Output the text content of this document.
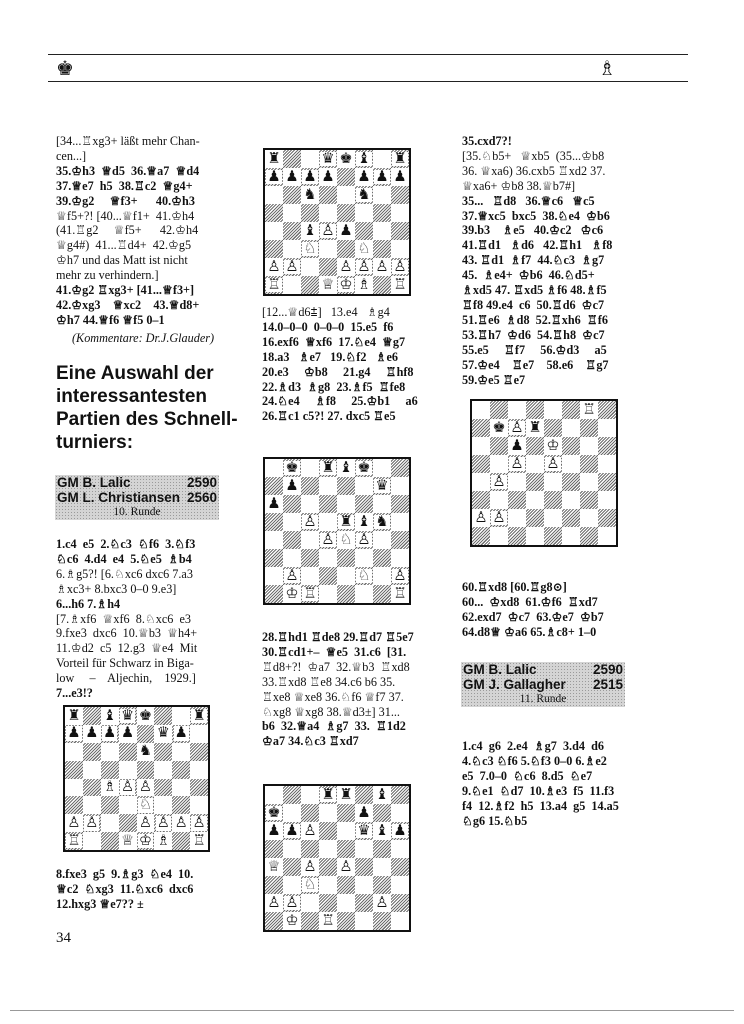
♚	♗
[34...♖xg3+ läßt mehr Chan-
cen...]
35.♔h3  ♕d5  36.♕a7  ♕d4
37.♕e7  h5  38.♖c2  ♕g4+
39.♔g2     ♕f3+      40.♔h3
♕f5+?! [40...♕f1+  41.♔h4
(41.♖g2     ♕f5+      42.♔h4
♕g4#)  41...♖d4+  42.♔g5
♔h7 und das Matt ist nicht
mehr zu verhindern.]
41.♔g2 ♖xg3+ [41...♕f3+]
42.♔xg3    ♕xc2    43.♕d8+
♔h7 44.♕f6 ♕f5 0–1
(Kommentare: Dr.J.Glauder)
Eine Auswahl der
interessantesten
Partien des Schnell-
turniers:
GM B. Lalic	2590
GM L. Christiansen 2560
10. Runde
1.c4  e5  2.♘c3  ♘f6  3.♘f3
♘c6  4.d4  e4  5.♘e5  ♗b4
6.♗g5?! [6.♘xc6 dxc6 7.a3
♗xc3+ 8.bxc3 0–0 9.e3]
6...h6 7.♗h4
[7.♗xf6  ♕xf6  8.♘xc6  e3
9.fxe3  dxc6  10.♕b3  ♕h4+
11.♔d2  c5  12.g3  ♕e4  Mit
Vorteil für Schwarz in Biga-
low     –    Aljechin,    1929.]
7...e3!?
♜ ♝ ♛ ♚	♜
♟ ♟ ♟ ♟ ♛ ♟
♞
♗ ♙ ♙
♘
♙ ♙	♙ ♙ ♙ ♙
♖	♕ ♔ ♗ ♖
8.fxe3  g5  9.♗g3  ♘e4  10.
♕c2  ♘xg3  11.♘xc6  dxc6
12.hxg3 ♕e7?? ±
34
♜	♛ ♚ ♝ ♜
♟ ♟ ♟ ♟ ♟ ♟ ♟
♞	♞
♝ ♙ ♟
♘	♘
♙ ♙	♙ ♙ ♙ ♙
♖	♕ ♔ ♗ ♖
[12...♕d6⩲]   13.e4   ♗g4
14.0–0–0  0–0–0  15.e5  f6
16.exf6  ♕xf6  17.♘e4  ♕g7
18.a3   ♗e7   19.♘f2   ♗e6
20.e3     ♔b8     21.g4     ♖hf8
22.♗d3  ♗g8  23.♗f5  ♖fe8
24.♘e4     ♗f8     25.♔b1     a6
26.♖c1 c5?! 27. dxc5 ♖e5
♚ ♜ ♝ ♚
♟	♛
♟
♙ ♜ ♝ ♞
♙ ♘ ♙
♙	♘ ♙
♔ ♖	♖
28.♖hd1 ♖de8 29.♖d7 ♖5e7
30.♖cd1+–  ♕e5  31.c6  [31.
♖d8+?!  ♔a7  32.♕b3  ♖xd8
33.♖xd8 ♖e8 34.c6 b6 35.
♖xe8 ♕xe8 36.♘f6 ♕f7 37.
♘xg8 ♕xg8 38.♕d3±] 31...
b6  32.♕a4  ♗g7  33.  ♖1d2
♔a7 34.♘c3 ♖xd7
♜ ♜ ♝
♚	♟
♟ ♟ ♙	♛ ♝ ♟
♕ ♙ ♙
♘
♙ ♙	♙
♔ ♖
35.cxd7?!
[35.♘b5+   ♕xb5  (35...♔b8
36. ♕xa6) 36.cxb5 ♖xd2 37.
♕xa6+ ♔b8 38.♕b7#]
35...   ♖d8   36.♕c6   ♕c5
37.♕xc5  bxc5  38.♘e4  ♔b6
39.b3    ♗e5   40.♔c2   ♔c6
41.♖d1   ♗d6   42.♖h1   ♗f8
43. ♖d1  ♗f7  44.♘c3  ♗g7
45.  ♗e4+  ♔b6  46.♘d5+
♗xd5 47. ♖xd5 ♗f6 48.♗f5
♖f8 49.e4  c6  50.♖d6  ♔c7
51.♖e6  ♗d8  52.♖xh6  ♖f6
53.♖h7  ♔d6  54.♖h8  ♔c7
55.e5     ♖f7     56.♔d3     a5
57.♔e4    ♖e7    58.e6    ♖g7
59.♔e5 ♖e7
♖
♚ ♙ ♜
♟ ♔
♙ ♙
♙
♙ ♙
60.♖xd8 [60.♖g8⊙]
60...  ♔xd8  61.♔f6  ♖xd7
62.exd7  ♔c7  63.♔e7  ♔b7
64.d8♕ ♔a6 65.♗c8+ 1–0
GM B. Lalic	2590
GM J. Gallagher 2515
11. Runde
1.c4  g6  2.e4  ♗g7  3.d4  d6
4.♘c3 ♘f6 5.♘f3 0–0 6.♗e2
e5  7.0–0  ♘c6  8.d5  ♘e7
9.♘e1  ♘d7  10.♗e3  f5  11.f3
f4  12.♗f2  h5  13.a4  g5  14.a5
♘g6 15.♘b5
